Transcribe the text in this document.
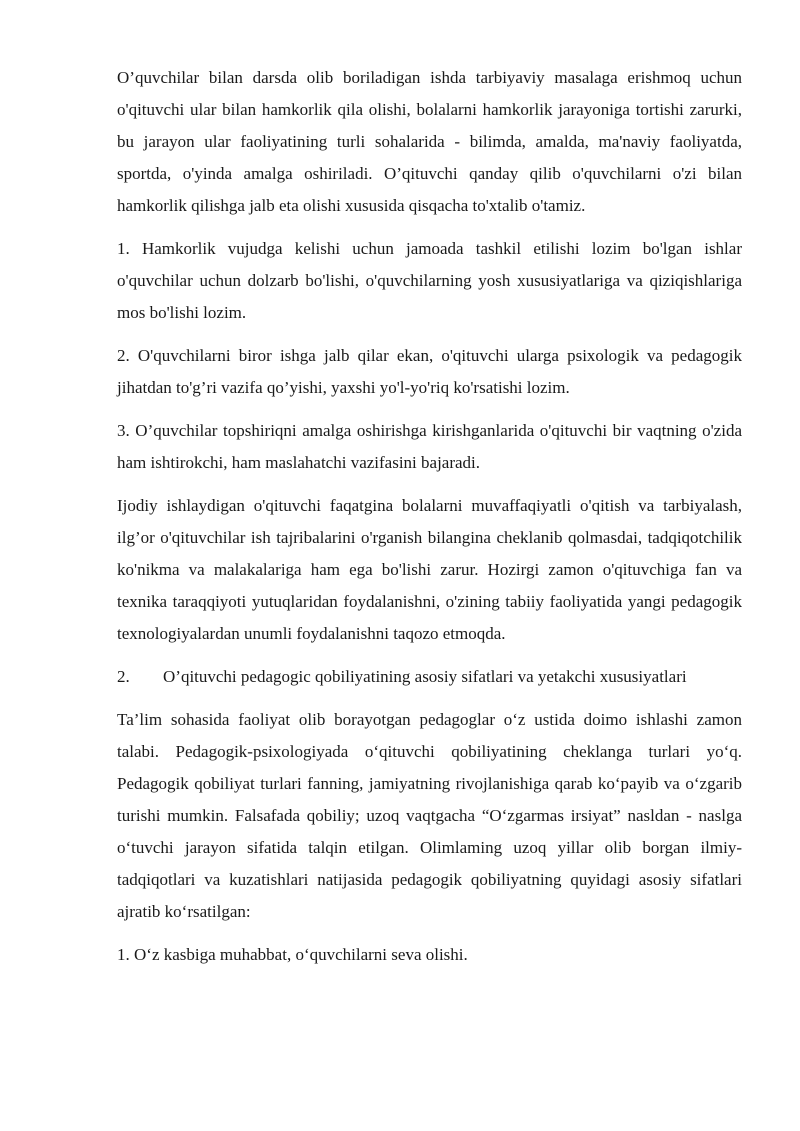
O’quvchilar bilan darsda olib boriladigan ishda tarbiyaviy masalaga erishmoq uchun o'qituvchi ular bilan hamkorlik qila olishi, bolalarni hamkorlik jarayoniga tortishi zarurki, bu jarayon ular faoliyatining turli sohalarida - bilimda, amalda, ma'naviy faoliyatda, sportda, o'yinda amalga oshiriladi. O’qituvchi qanday qilib o'quvchilarni o'zi bilan hamkorlik qilishga jalb eta olishi xususida qisqacha to'xtalib o'tamiz.

1. Hamkorlik vujudga kelishi uchun jamoada tashkil etilishi lozim bo'lgan ishlar o'quvchilar uchun dolzarb bo'lishi, o'quvchilarning yosh xususiyatlariga va qiziqishlariga mos bo'lishi lozim.

2. O'quvchilarni biror ishga jalb qilar ekan, o'qituvchi ularga psixologik va pedagogik jihatdan to'g’ri vazifa qo’yishi, yaxshi yo'l-yo'riq ko'rsatishi lozim.

3. O’quvchilar topshiriqni amalga oshirishga kirishganlarida o'qituvchi bir vaqtning o'zida ham ishtirokchi, ham maslahatchi vazifasini bajaradi.

Ijodiy ishlaydigan o'qituvchi faqatgina bolalarni muvaffaqiyatli o'qitish va tarbiyalash, ilg’or o'qituvchilar ish tajribalarini o'rganish bilangina cheklanib qolmasdai, tadqiqotchilik ko'nikma va malakalariga ham ega bo'lishi zarur. Hozirgi zamon o'qituvchiga fan va texnika taraqqiyoti yutuqlaridan foydalanishni, o'zining tabiiy faoliyatida yangi pedagogik texnologiyalardan unumli foydalanishni taqozo etmoqda.

2.	O’qituvchi pedagogic qobiliyatining asosiy sifatlari va yetakchi xususiyatlari

Ta’lim sohasida faoliyat olib borayotgan pedagoglar o‘z ustida doimo ishlashi zamon talabi. Pedagogik-psixologiyada o‘qituvchi qobiliyatining cheklanga turlari yo‘q. Pedagogik qobiliyat turlari fanning, jamiyatning rivojlanishiga qarab ko‘payib va o‘zgarib turishi mumkin. Falsafada qobiliy; uzoq vaqtgacha “O‘zgarmas irsiyat” nasldan - naslga o‘tuvchi jarayon sifatida talqin etilgan. Olimlaming uzoq yillar olib borgan ilmiy-tadqiqotlari va kuzatishlari natijasida pedagogik qobiliyatning quyidagi asosiy sifatlari ajratib ko‘rsatilgan:

1. O‘z kasbiga muhabbat, o‘quvchilarni seva olishi.
